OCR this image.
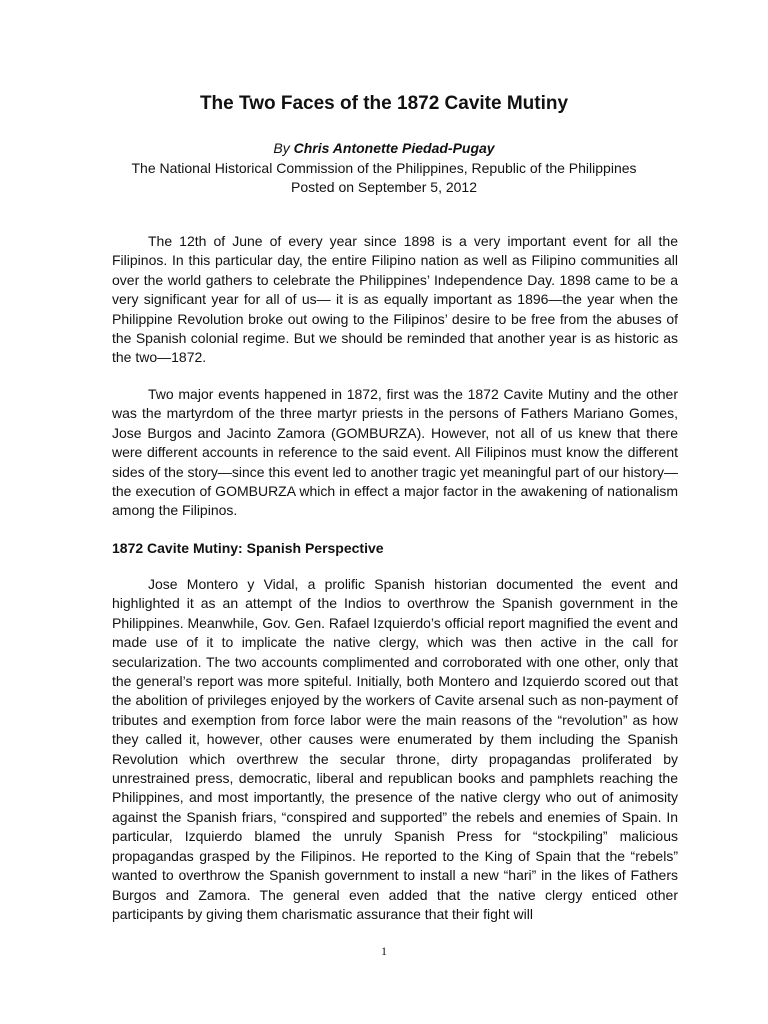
The Two Faces of the 1872 Cavite Mutiny

By Chris Antonette Piedad-Pugay

The National Historical Commission of the Philippines, Republic of the Philippines

Posted on September 5, 2012

The 12th of June of every year since 1898 is a very important event for all the Filipinos. In this particular day, the entire Filipino nation as well as Filipino communities all over the world gathers to celebrate the Philippines’ Independence Day. 1898 came to be a very significant year for all of us— it is as equally important as 1896—the year when the Philippine Revolution broke out owing to the Filipinos’ desire to be free from the abuses of the Spanish colonial regime. But we should be reminded that another year is as historic as the two—1872.

Two major events happened in 1872, first was the 1872 Cavite Mutiny and the other was the martyrdom of the three martyr priests in the persons of Fathers Mariano Gomes, Jose Burgos and Jacinto Zamora (GOMBURZA). However, not all of us knew that there were different accounts in reference to the said event. All Filipinos must know the different sides of the story—since this event led to another tragic yet meaningful part of our history—the execution of GOMBURZA which in effect a major factor in the awakening of nationalism among the Filipinos.

1872 Cavite Mutiny: Spanish Perspective

Jose Montero y Vidal, a prolific Spanish historian documented the event and highlighted it as an attempt of the Indios to overthrow the Spanish government in the Philippines. Meanwhile, Gov. Gen. Rafael Izquierdo’s official report magnified the event and made use of it to implicate the native clergy, which was then active in the call for secularization. The two accounts complimented and corroborated with one other, only that the general’s report was more spiteful. Initially, both Montero and Izquierdo scored out that the abolition of privileges enjoyed by the workers of Cavite arsenal such as non-payment of tributes and exemption from force labor were the main reasons of the “revolution” as how they called it, however, other causes were enumerated by them including the Spanish Revolution which overthrew the secular throne, dirty propagandas proliferated by unrestrained press, democratic, liberal and republican books and pamphlets reaching the Philippines, and most importantly, the presence of the native clergy who out of animosity against the Spanish friars, “conspired and supported” the rebels and enemies of Spain. In particular, Izquierdo blamed the unruly Spanish Press for “stockpiling” malicious propagandas grasped by the Filipinos. He reported to the King of Spain that the “rebels” wanted to overthrow the Spanish government to install a new “hari” in the likes of Fathers Burgos and Zamora. The general even added that the native clergy enticed other participants by giving them charismatic assurance that their fight will

1
